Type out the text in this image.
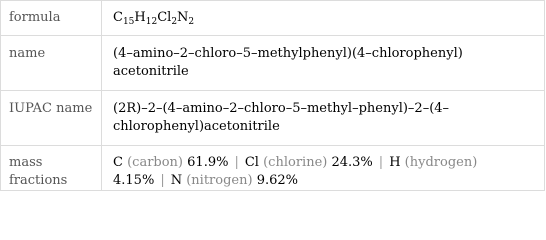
formula	$C_{15}H_{12}Cl_2N_2$
name	(4–amino–2–chloro–5–methylphenyl)(4–chlorophenyl)
acetonitrile

IUPAC name	(2R)–2–(4–amino–2–chloro–5–methyl–phenyl)–2–(4–
chlorophenyl)acetonitrile

mass fractions	C (carbon) 61.9% | Cl (chlorine) 24.3% | H (hydrogen)
4.15% | N (nitrogen) 9.62%
